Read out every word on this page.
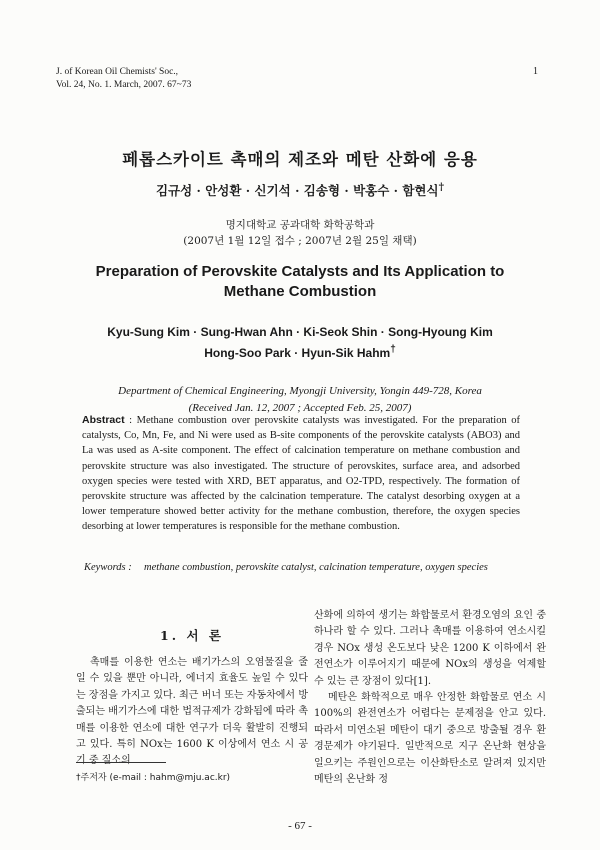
J. of Korean Oil Chemists' Soc.,
Vol. 24, No. 1. March, 2007. 67~73
1
페롭스카이트 촉매의 제조와 메탄 산화에 응용
김규성 · 안성환 · 신기석 · 김송형 · 박홍수 · 함현식†
명지대학교 공과대학 화학공학과
(2007년 1월 12일 접수 ; 2007년 2월 25일 채택)
Preparation of Perovskite Catalysts and Its Application to
Methane Combustion
Kyu-Sung Kim · Sung-Hwan Ahn · Ki-Seok Shin · Song-Hyoung Kim
Hong-Soo Park · Hyun-Sik Hahm†
Department of Chemical Engineering, Myongji University, Yongin 449-728, Korea
(Received Jan. 12, 2007 ; Accepted Feb. 25, 2007)
Abstract : Methane combustion over perovskite catalysts was investigated. For the preparation of catalysts, Co, Mn, Fe, and Ni were used as B-site components of the perovskite catalysts (ABO3) and La was used as A-site component. The effect of calcination temperature on methane combustion and perovskite structure was also investigated. The structure of perovskites, surface area, and adsorbed oxygen species were tested with XRD, BET apparatus, and O2-TPD, respectively. The formation of perovskite structure was affected by the calcination temperature. The catalyst desorbing oxygen at a lower temperature showed better activity for the methane combustion, therefore, the oxygen species desorbing at lower temperatures is responsible for the methane combustion.
Keywords :	methane combustion, perovskite catalyst, calcination temperature, oxygen species
1. 서 론
촉매를 이용한 연소는 배기가스의 오염물질을 줄일 수 있을 뿐만 아니라, 에너지 효율도 높일 수 있다는 장점을 가지고 있다. 최근 버너 또는 자동차에서 방출되는 배기가스에 대한 법적규제가 강화됨에 따라 촉매를 이용한 연소에 대한 연구가 더욱 활발히 진행되고 있다. 특히 NOx는 1600 K 이상에서 연소 시 공기 중 질소의

산화에 의하여 생기는 화합물로서 환경오염의 요인 중 하나라 할 수 있다. 그러나 촉매를 이용하여 연소시킬 경우 NOx 생성 온도보다 낮은 1200 K 이하에서 완전연소가 이루어지기 때문에 NOx의 생성을 억제할 수 있는 큰 장점이 있다[1].

메탄은 화학적으로 매우 안정한 화합물로 연소 시 100%의 완전연소가 어렵다는 문제점을 안고 있다. 따라서 미연소된 메탄이 대기 중으로 방출될 경우 환경문제가 야기된다. 일반적으로 지구 온난화 현상을 일으키는 주원인으로는 이산화탄소로 알려져 있지만 메탄의 온난화 정

†주저자 (e-mail : hahm@mju.ac.kr)
- 67 -
